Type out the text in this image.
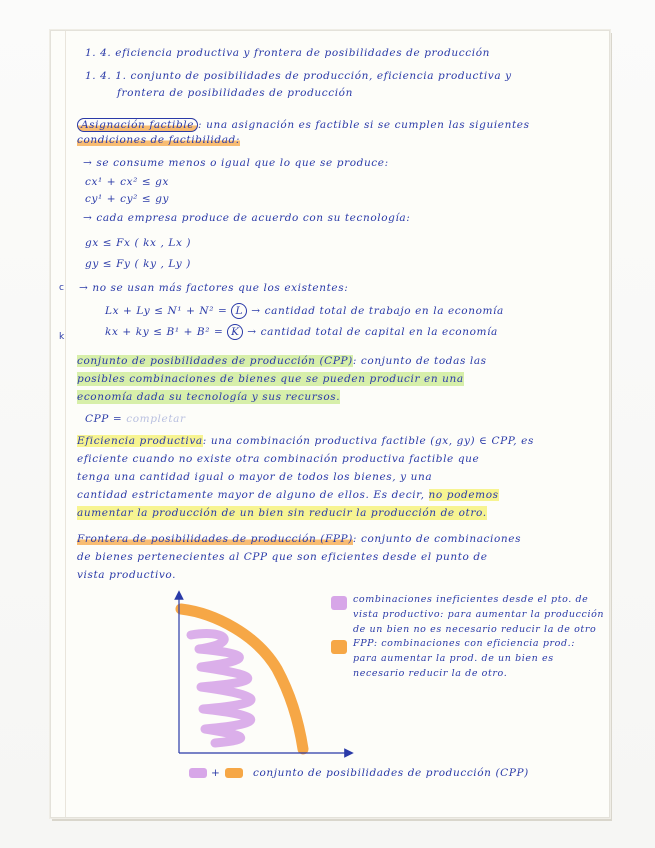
1. 4. eficiencia productiva y frontera de posibilidades de producción
1. 4. 1. conjunto de posibilidades de producción, eficiencia productiva y
frontera de posibilidades de producción
Asignación factible : una asignación es factible si se cumplen las siguientes
condiciones de factibilidad:
→ se consume menos o igual que lo que se produce:
cx¹ + cx² ≤ gx
cy¹ + cy² ≤ gy
→ cada empresa produce de acuerdo con su tecnología:
gx ≤ Fx ( kx , Lx )
gy ≤ Fy ( ky , Ly )
c
k
→ no se usan más factores que los existentes:
Lx + Ly ≤ N¹ + N² = L → cantidad total de trabajo en la economía
kx + ky ≤ B¹ + B² = K → cantidad total de capital en la economía
conjunto de posibilidades de producción (CPP): conjunto de todas las
posibles combinaciones de bienes que se pueden producir en una
economía dada su tecnología y sus recursos.
CPP = completar
Eficiencia productiva: una combinación productiva factible (gx, gy) ∈ CPP, es
eficiente cuando no existe otra combinación productiva factible que
tenga una cantidad igual o mayor de todos los bienes, y una
cantidad estrictamente mayor de alguno de ellos. Es decir, no podemos
aumentar la producción de un bien sin reducir la producción de otro.
Frontera de posibilidades de producción (FPP): conjunto de combinaciones
de bienes pertenecientes al CPP que son eficientes desde el punto de
vista productivo.
combinaciones ineficientes desde el pto. de
vista productivo: para aumentar la producción
de un bien no es necesario reducir la de otro
FPP: combinaciones con eficiencia prod.:
para aumentar la prod. de un bien es
necesario reducir la de otro.
+	conjunto de posibilidades de producción (CPP)
